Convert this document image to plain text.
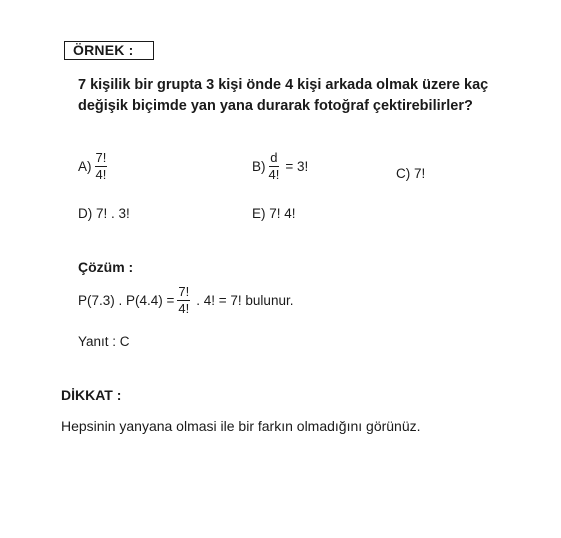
ÖRNEK :
7 kişilik bir grupta 3 kişi önde 4 kişi arkada olmak üzere kaç değişik biçimde yan yana durarak fotoğraf çektirebilirler?
$A) \frac{7!}{4!}$	$B) \frac{d}{4!} = 3$!	C) 7!
D) 7! . 3!	E) 7! 4!
Çözüm :
P(7.3) . $P(4.4) = \frac{7!}{4!}$ . 4! = 7! bulunur.
Yanıt : C
DİKKAT :
Hepsinin yanyana olmasi ile bir farkın olmadığını görünüz.
